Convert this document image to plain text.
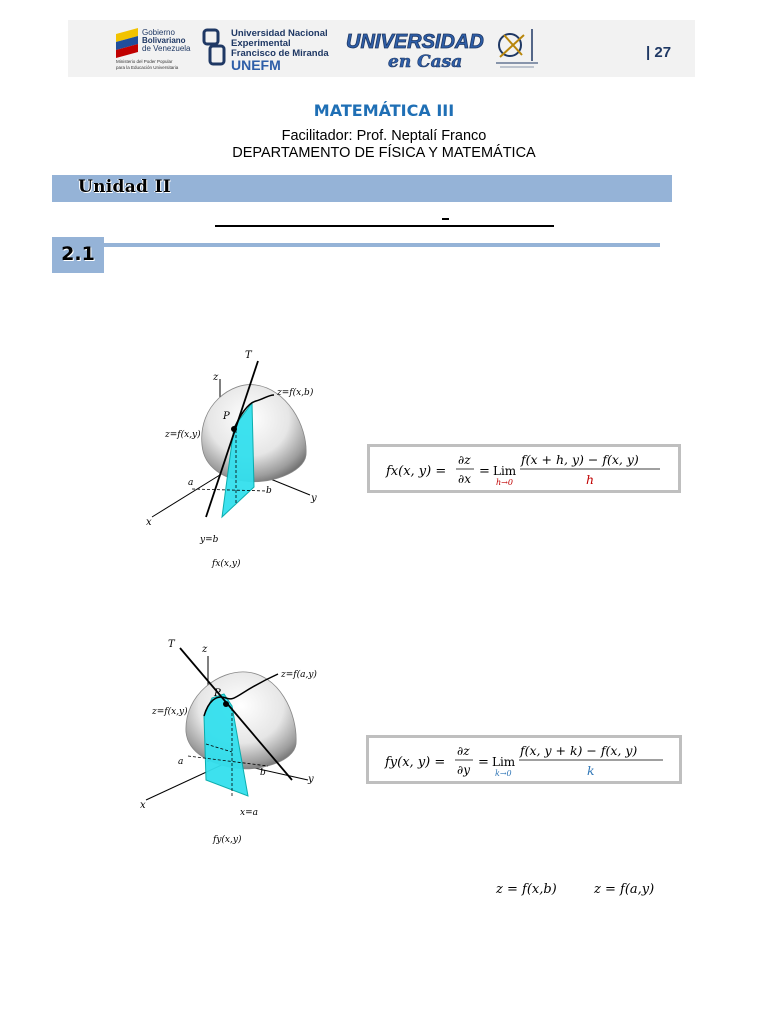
Gobierno
Bolivariano
de Venezuela
Ministerio del Poder Popular
para la Educación Universitaria
Universidad Nacional
Experimental
Francisco de Miranda
UNEFM
UNIVERSIDAD
en Casa	| 27
MATEMÁTICA III
Facilitador: Prof. Neptalí Franco
DEPARTAMENTO DE FÍSICA Y MATEMÁTICA
Unidad II
2.1
T
z
z=f(x,b)
z=f(x,y)
P
a
b
y
x
y=b
fx(x,y)
fx(x, y) =
∂z
∂x = Lim
h→0
f(x + h, y) − f(x, y)
h
T	z
z=f(a,y)
z=f(x,y)
P
a
b
y
x
x=a
fy(x,y)
fy(x, y) =
∂z
∂y = Lim
k→0
f(x, y + k) − f(x, y)
k
z = f(x,b)	z = f(a,y)
